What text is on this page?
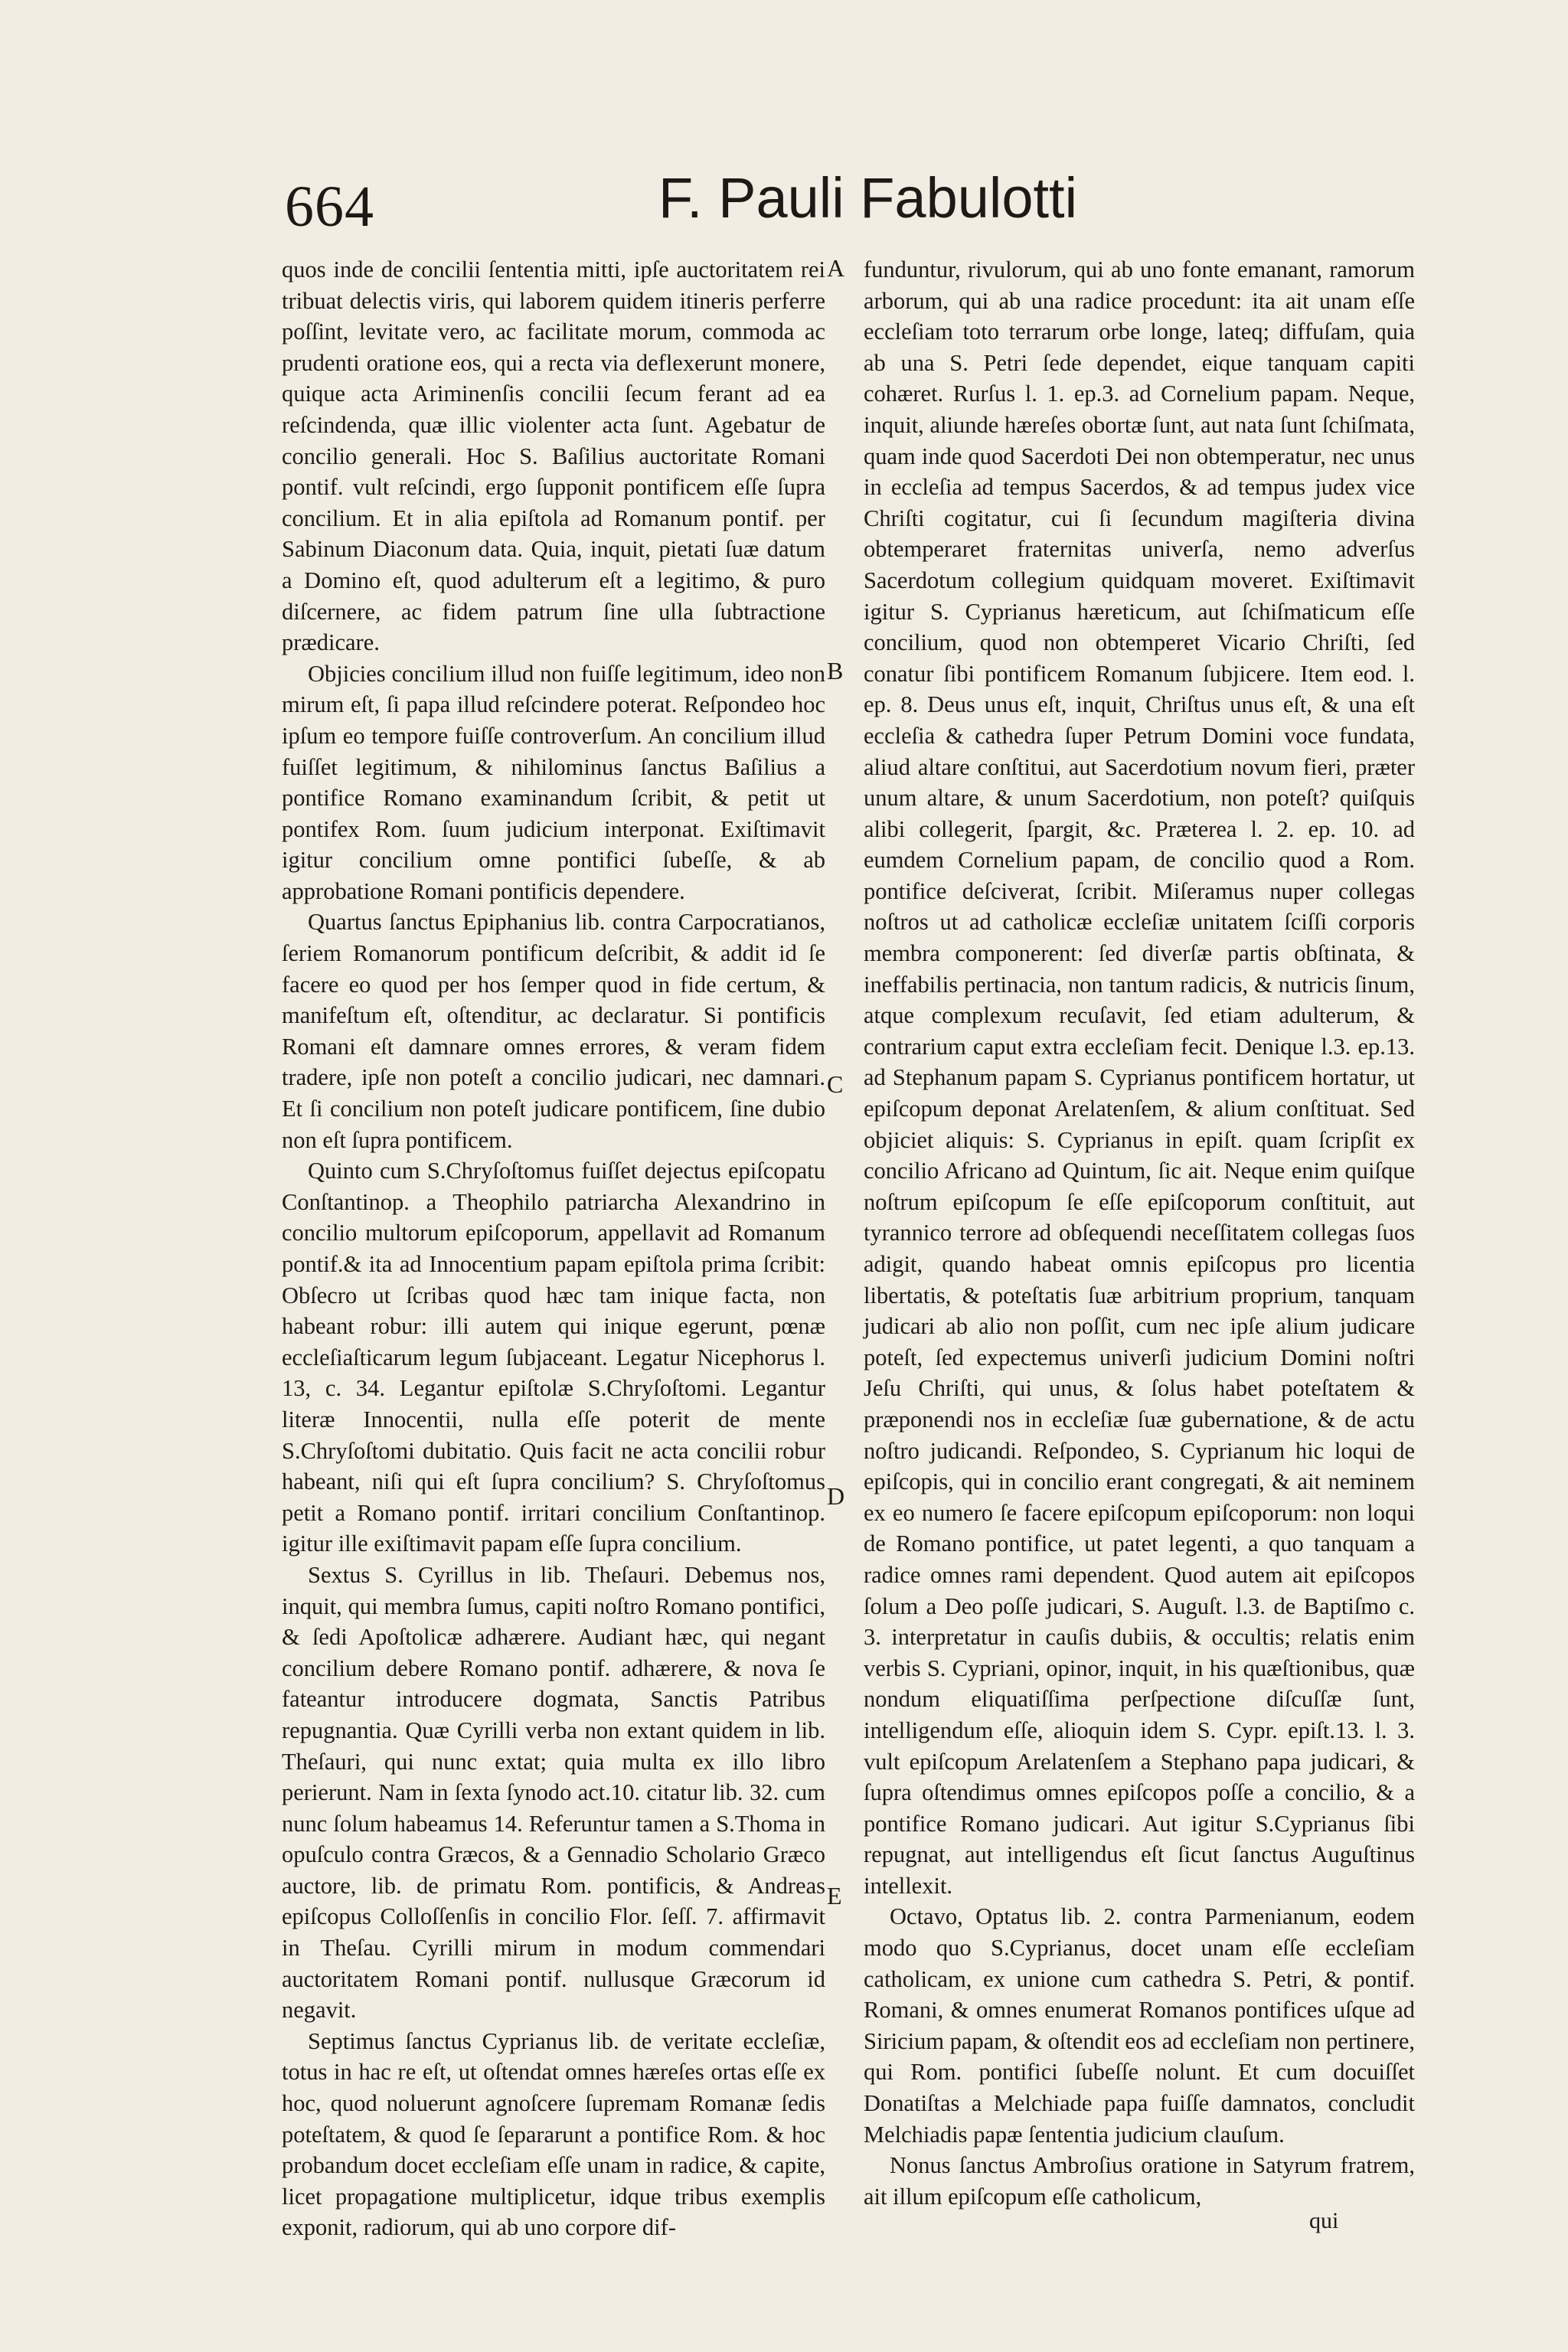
664	F. Pauli Fabulotti
A
B
C
D
E

quos inde de concilii ſententia mitti, ipſe auctoritatem rei tribuat delectis viris, qui laborem quidem itineris perferre poſſint, levitate vero, ac facilitate morum, commoda ac prudenti oratione eos, qui a recta via deflexerunt monere, quique acta Ariminenſis concilii ſecum ferant ad ea reſcindenda, quæ illic violenter acta ſunt. Agebatur de concilio generali. Hoc S. Baſilius auctoritate Romani pontif. vult reſcindi, ergo ſupponit pontificem eſſe ſupra concilium. Et in alia epiſtola ad Romanum pontif. per Sabinum Diaconum data. Quia, inquit, pietati ſuæ datum a Domino eſt, quod adulterum eſt a legitimo, & puro diſcernere, ac fidem patrum ſine ulla ſubtractione prædicare.

Objicies concilium illud non fuiſſe legitimum, ideo non mirum eſt, ſi papa illud reſcindere poterat. Reſpondeo hoc ipſum eo tempore fuiſſe controverſum. An concilium illud fuiſſet legitimum, & nihilominus ſanctus Baſilius a pontifice Romano examinandum ſcribit, & petit ut pontifex Rom. ſuum judicium interponat. Exiſtimavit igitur concilium omne pontifici ſubeſſe, & ab approbatione Romani pontificis dependere.

Quartus ſanctus Epiphanius lib. contra Carpocratianos, ſeriem Romanorum pontificum deſcribit, & addit id ſe facere eo quod per hos ſemper quod in fide certum, & manifeſtum eſt, oſtenditur, ac declaratur. Si pontificis Romani eſt damnare omnes errores, & veram fidem tradere, ipſe non poteſt a concilio judicari, nec damnari. Et ſi concilium non poteſt judicare pontificem, ſine dubio non eſt ſupra pontificem.

Quinto cum S.Chryſoſtomus fuiſſet dejectus epiſcopatu Conſtantinop. a Theophilo patriarcha Alexandrino in concilio multorum epiſcoporum, appellavit ad Romanum pontif.& ita ad Innocentium papam epiſtola prima ſcribit: Obſecro ut ſcribas quod hæc tam inique facta, non habeant robur: illi autem qui inique egerunt, pœnæ eccleſiaſticarum legum ſubjaceant. Legatur Nicephorus l. 13, c. 34. Legantur epiſtolæ S.Chryſoſtomi. Legantur literæ Innocentii, nulla eſſe poterit de mente S.Chryſoſtomi dubitatio. Quis facit ne acta concilii robur habeant, niſi qui eſt ſupra concilium? S. Chryſoſtomus petit a Romano pontif. irritari concilium Conſtantinop. igitur ille exiſtimavit papam eſſe ſupra concilium.

Sextus S. Cyrillus in lib. Theſauri. Debemus nos, inquit, qui membra ſumus, capiti noſtro Romano pontifici, & ſedi Apoſtolicæ adhærere. Audiant hæc, qui negant concilium debere Romano pontif. adhærere, & nova ſe fateantur introducere dogmata, Sanctis Patribus repugnantia. Quæ Cyrilli verba non extant quidem in lib. Theſauri, qui nunc extat; quia multa ex illo libro perierunt. Nam in ſexta ſynodo act.10. citatur lib. 32. cum nunc ſolum habeamus 14. Referuntur tamen a S.Thoma in opuſculo contra Græcos, & a Gennadio Scholario Græco auctore, lib. de primatu Rom. pontificis, & Andreas epiſcopus Colloſſenſis in concilio Flor. ſeſſ. 7. affirmavit in Theſau. Cyrilli mirum in modum commendari auctoritatem Romani pontif. nullusque Græcorum id negavit.

Septimus ſanctus Cyprianus lib. de veritate eccleſiæ, totus in hac re eſt, ut oſtendat omnes hæreſes ortas eſſe ex hoc, quod noluerunt agnoſcere ſupremam Romanæ ſedis poteſtatem, & quod ſe ſepararunt a pontifice Rom. & hoc probandum docet eccleſiam eſſe unam in radice, & capite, licet propagatione multiplicetur, idque tribus exemplis exponit, radiorum, qui ab uno corpore dif-

funduntur, rivulorum, qui ab uno fonte emanant, ramorum arborum, qui ab una radice procedunt: ita ait unam eſſe eccleſiam toto terrarum orbe longe, lateq; diffuſam, quia ab una S. Petri ſede dependet, eique tanquam capiti cohæret. Rurſus l. 1. ep.3. ad Cornelium papam. Neque, inquit, aliunde hæreſes obortæ ſunt, aut nata ſunt ſchiſmata, quam inde quod Sacerdoti Dei non obtemperatur, nec unus in eccleſia ad tempus Sacerdos, & ad tempus judex vice Chriſti cogitatur, cui ſi ſecundum magiſteria divina obtemperaret fraternitas univerſa, nemo adverſus Sacerdotum collegium quidquam moveret. Exiſtimavit igitur S. Cyprianus hæreticum, aut ſchiſmaticum eſſe concilium, quod non obtemperet Vicario Chriſti, ſed conatur ſibi pontificem Romanum ſubjicere. Item eod. l. ep. 8. Deus unus eſt, inquit, Chriſtus unus eſt, & una eſt eccleſia & cathedra ſuper Petrum Domini voce fundata, aliud altare conſtitui, aut Sacerdotium novum fieri, præter unum altare, & unum Sacerdotium, non poteſt? quiſquis alibi collegerit, ſpargit, &c. Præterea l. 2. ep. 10. ad eumdem Cornelium papam, de concilio quod a Rom. pontifice deſciverat, ſcribit. Miſeramus nuper collegas noſtros ut ad catholicæ eccleſiæ unitatem ſciſſi corporis membra componerent: ſed diverſæ partis obſtinata, & ineffabilis pertinacia, non tantum radicis, & nutricis ſinum, atque complexum recuſavit, ſed etiam adulterum, & contrarium caput extra eccleſiam fecit. Denique l.3. ep.13. ad Stephanum papam S. Cyprianus pontificem hortatur, ut epiſcopum deponat Arelatenſem, & alium conſtituat. Sed objiciet aliquis: S. Cyprianus in epiſt. quam ſcripſit ex concilio Africano ad Quintum, ſic ait. Neque enim quiſque noſtrum epiſcopum ſe eſſe epiſcoporum conſtituit, aut tyrannico terrore ad obſequendi neceſſitatem collegas ſuos adigit, quando habeat omnis epiſcopus pro licentia libertatis, & poteſtatis ſuæ arbitrium proprium, tanquam judicari ab alio non poſſit, cum nec ipſe alium judicare poteſt, ſed expectemus univerſi judicium Domini noſtri Jeſu Chriſti, qui unus, & ſolus habet poteſtatem & præponendi nos in eccleſiæ ſuæ gubernatione, & de actu noſtro judicandi. Reſpondeo, S. Cyprianum hic loqui de epiſcopis, qui in concilio erant congregati, & ait neminem ex eo numero ſe facere epiſcopum epiſcoporum: non loqui de Romano pontifice, ut patet legenti, a quo tanquam a radice omnes rami dependent. Quod autem ait epiſcopos ſolum a Deo poſſe judicari, S. Auguſt. l.3. de Baptiſmo c. 3. interpretatur in cauſis dubiis, & occultis; relatis enim verbis S. Cypriani, opinor, inquit, in his quæſtionibus, quæ nondum eliquatiſſima perſpectione diſcuſſæ ſunt, intelligendum eſſe, alioquin idem S. Cypr. epiſt.13. l. 3. vult epiſcopum Arelatenſem a Stephano papa judicari, & ſupra oſtendimus omnes epiſcopos poſſe a concilio, & a pontifice Romano judicari. Aut igitur S.Cyprianus ſibi repugnat, aut intelligendus eſt ſicut ſanctus Auguſtinus intellexit.

Octavo, Optatus lib. 2. contra Parmenianum, eodem modo quo S.Cyprianus, docet unam eſſe eccleſiam catholicam, ex unione cum cathedra S. Petri, & pontif. Romani, & omnes enumerat Romanos pontifices uſque ad Siricium papam, & oſtendit eos ad eccleſiam non pertinere, qui Rom. pontifici ſubeſſe nolunt. Et cum docuiſſet Donatiſtas a Melchiade papa fuiſſe damnatos, concludit Melchiadis papæ ſententia judicium clauſum.

Nonus ſanctus Ambroſius oratione in Satyrum fratrem, ait illum epiſcopum eſſe catholicum,

qui
